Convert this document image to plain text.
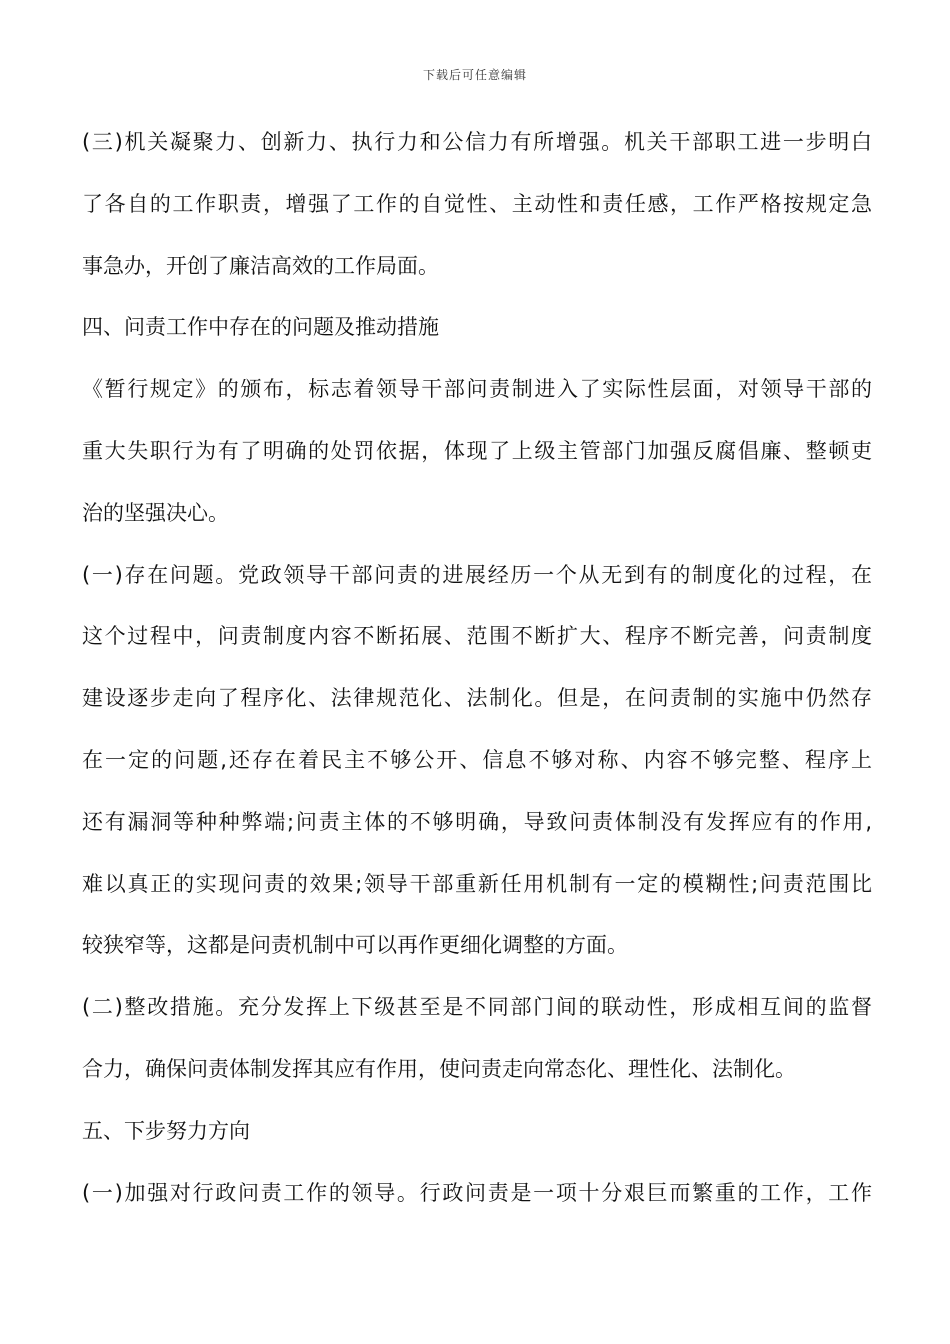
下载后可任意编辑
(三)机关凝聚力、创新力、执行力和公信力有所增强。机关干部职工进一步明白
了各自的工作职责，增强了工作的自觉性、主动性和责任感，工作严格按规定急
事急办，开创了廉洁高效的工作局面。
四、问责工作中存在的问题及推动措施
《暂行规定》的颁布，标志着领导干部问责制进入了实际性层面，对领导干部的
重大失职行为有了明确的处罚依据，体现了上级主管部门加强反腐倡廉、整顿吏
治的坚强决心。
(一)存在问题。党政领导干部问责的进展经历一个从无到有的制度化的过程，在
这个过程中，问责制度内容不断拓展、范围不断扩大、程序不断完善，问责制度
建设逐步走向了程序化、法律规范化、法制化。但是，在问责制的实施中仍然存
在一定的问题,还存在着民主不够公开、信息不够对称、内容不够完整、程序上
还有漏洞等种种弊端;问责主体的不够明确，导致问责体制没有发挥应有的作用,
难以真正的实现问责的效果;领导干部重新任用机制有一定的模糊性;问责范围比
较狭窄等，这都是问责机制中可以再作更细化调整的方面。
(二)整改措施。充分发挥上下级甚至是不同部门间的联动性，形成相互间的监督
合力，确保问责体制发挥其应有作用，使问责走向常态化、理性化、法制化。
五、下步努力方向
(一)加强对行政问责工作的领导。行政问责是一项十分艰巨而繁重的工作，工作
